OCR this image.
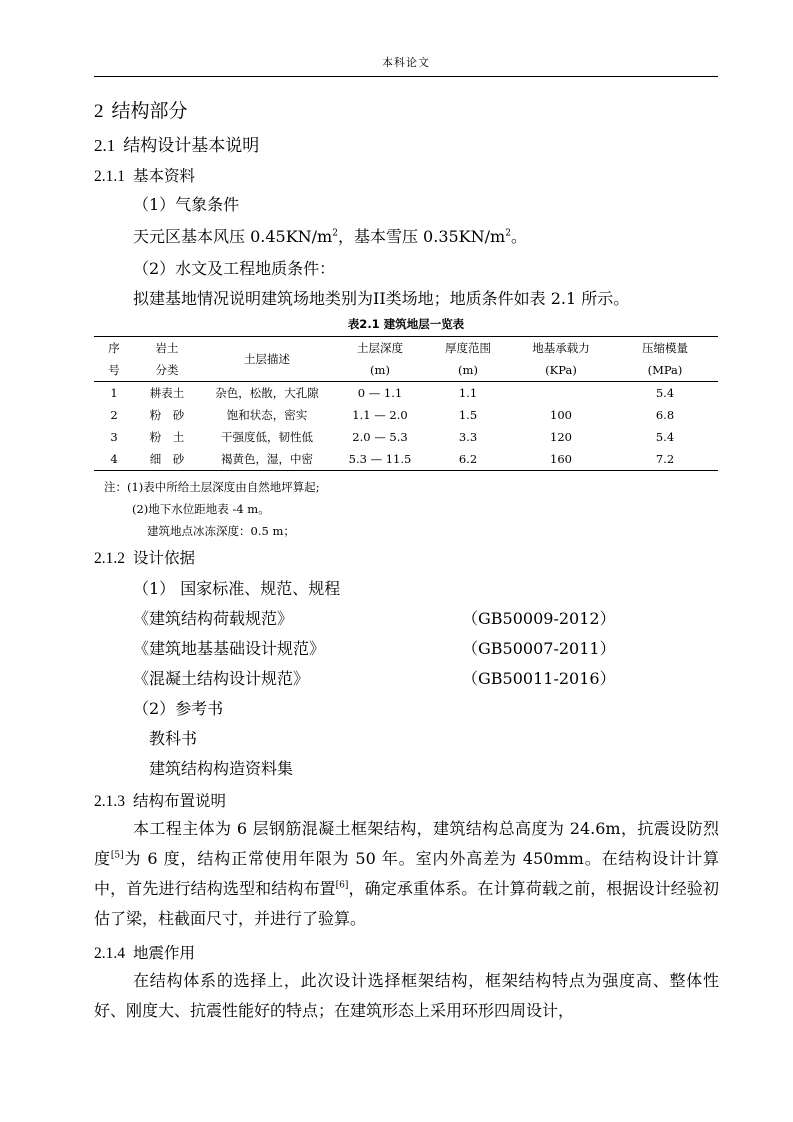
本科论文
2 结构部分
2.1 结构设计基本说明
2.1.1 基本资料
（1）气象条件
天元区基本风压 $0.45KN/m^2$，基本雪压 $0.35KN/m^2$。
（2）水文及工程地质条件：
拟建基地情况说明建筑场地类别为II类场地；地质条件如表 2.1 所示。
表2.1 建筑地层一览表
序	岩土	土层描述	土层深度	厚度范围	地基承载力	压缩模量
号	分类		(m)	(m)	(KPa)	(MPa)
1	耕表土	杂色，松散，大孔隙	0 — 1.1	1.1		5.4
2	粉　砂	饱和状态，密实	1.1 — 2.0	1.5	100	6.8
3	粉　土	干强度低，韧性低	2.0 — 5.3	3.3	120	5.4
4	细　砂	褐黄色，湿，中密	5.3 — 11.5	6.2	160	7.2
注：(1)表中所给土层深度由自然地坪算起;
(2)地下水位距地表 -4 m。
建筑地点冰冻深度：0.5 m；
2.1.2 设计依据
（1） 国家标准、规范、规程
《建筑结构荷载规范》	（GB50009-2012）
《建筑地基基础设计规范》	（GB50007-2011）
《混凝土结构设计规范》	（GB50011-2016）
（2）参考书
教科书
建筑结构构造资料集
2.1.3 结构布置说明
本工程主体为 6 层钢筋混凝土框架结构，建筑结构总高度为 24.6m，抗震设防烈度[5]为 6 度，结构正常使用年限为 50 年。室内外高差为 450mm。在结构设计计算中，首先进行结构选型和结构布置[6]，确定承重体系。在计算荷载之前，根据设计经验初估了梁，柱截面尺寸，并进行了验算。
2.1.4 地震作用
在结构体系的选择上，此次设计选择框架结构，框架结构特点为强度高、整体性好、刚度大、抗震性能好的特点；在建筑形态上采用环形四周设计，
